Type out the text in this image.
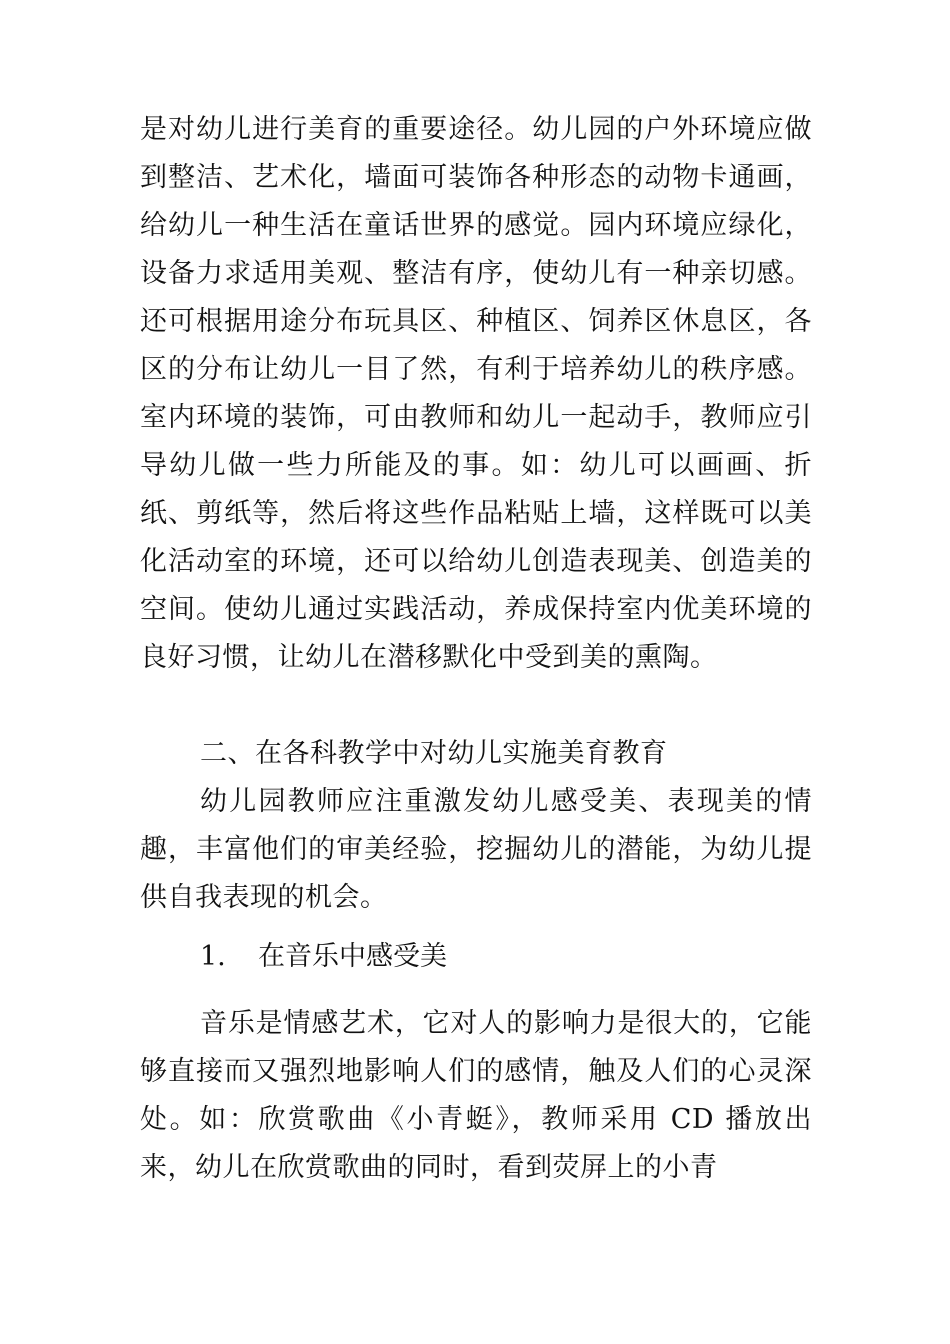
是对幼儿进行美育的重要途径。幼儿园的户外环境应做到整洁、艺术化，墙面可装饰各种形态的动物卡通画，给幼儿一种生活在童话世界的感觉。园内环境应绿化，设备力求适用美观、整洁有序，使幼儿有一种亲切感。还可根据用途分布玩具区、种植区、饲养区休息区，各区的分布让幼儿一目了然，有利于培养幼儿的秩序感。室内环境的装饰，可由教师和幼儿一起动手，教师应引导幼儿做一些力所能及的事。如：幼儿可以画画、折纸、剪纸等，然后将这些作品粘贴上墙，这样既可以美化活动室的环境，还可以给幼儿创造表现美、创造美的空间。使幼儿通过实践活动，养成保持室内优美环境的良好习惯，让幼儿在潜移默化中受到美的熏陶。

二、在各科教学中对幼儿实施美育教育

幼儿园教师应注重激发幼儿感受美、表现美的情趣，丰富他们的审美经验，挖掘幼儿的潜能，为幼儿提供自我表现的机会。

1. 在音乐中感受美

音乐是情感艺术，它对人的影响力是很大的，它能够直接而又强烈地影响人们的感情，触及人们的心灵深处。如：欣赏歌曲《小青蜓》，教师采用 CD 播放出来，幼儿在欣赏歌曲的同时，看到荧屏上的小青
